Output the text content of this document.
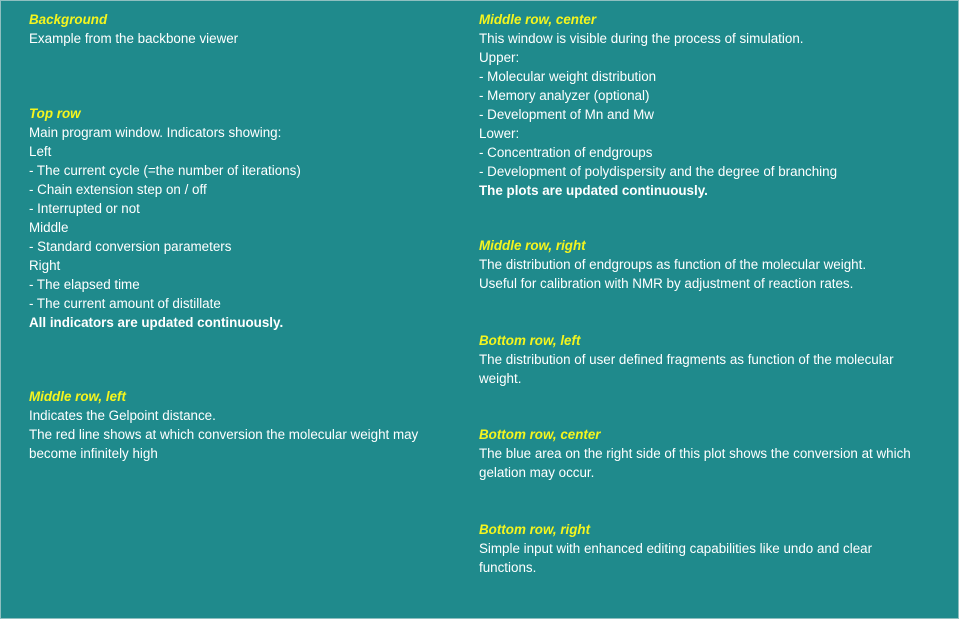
Background

Example from the backbone viewer

Top row

Main program window. Indicators showing:

Left

- The current cycle (=the number of iterations)

- Chain extension step on / off

- Interrupted or not

Middle

- Standard conversion parameters

Right

- The elapsed time

- The current amount of distillate

All indicators are updated continuously.

Middle row, left

Indicates the Gelpoint distance.

The red line shows at which conversion the molecular weight may

become infinitely high

Middle row, center

This window is visible during the process of simulation.

Upper:

- Molecular weight distribution

- Memory analyzer (optional)

- Development of Mn and Mw

Lower:

- Concentration of endgroups

- Development of polydispersity and the degree of branching

The plots are updated continuously.

Middle row, right

The distribution of endgroups as function of the molecular weight.

Useful for calibration with NMR by adjustment of reaction rates.

Bottom row, left

The distribution of user defined fragments as function of the molecular

weight.

Bottom row, center

The blue area on the right side of this plot shows the conversion at which

gelation may occur.

Bottom row, right

Simple input with enhanced editing capabilities like undo and clear

functions.
